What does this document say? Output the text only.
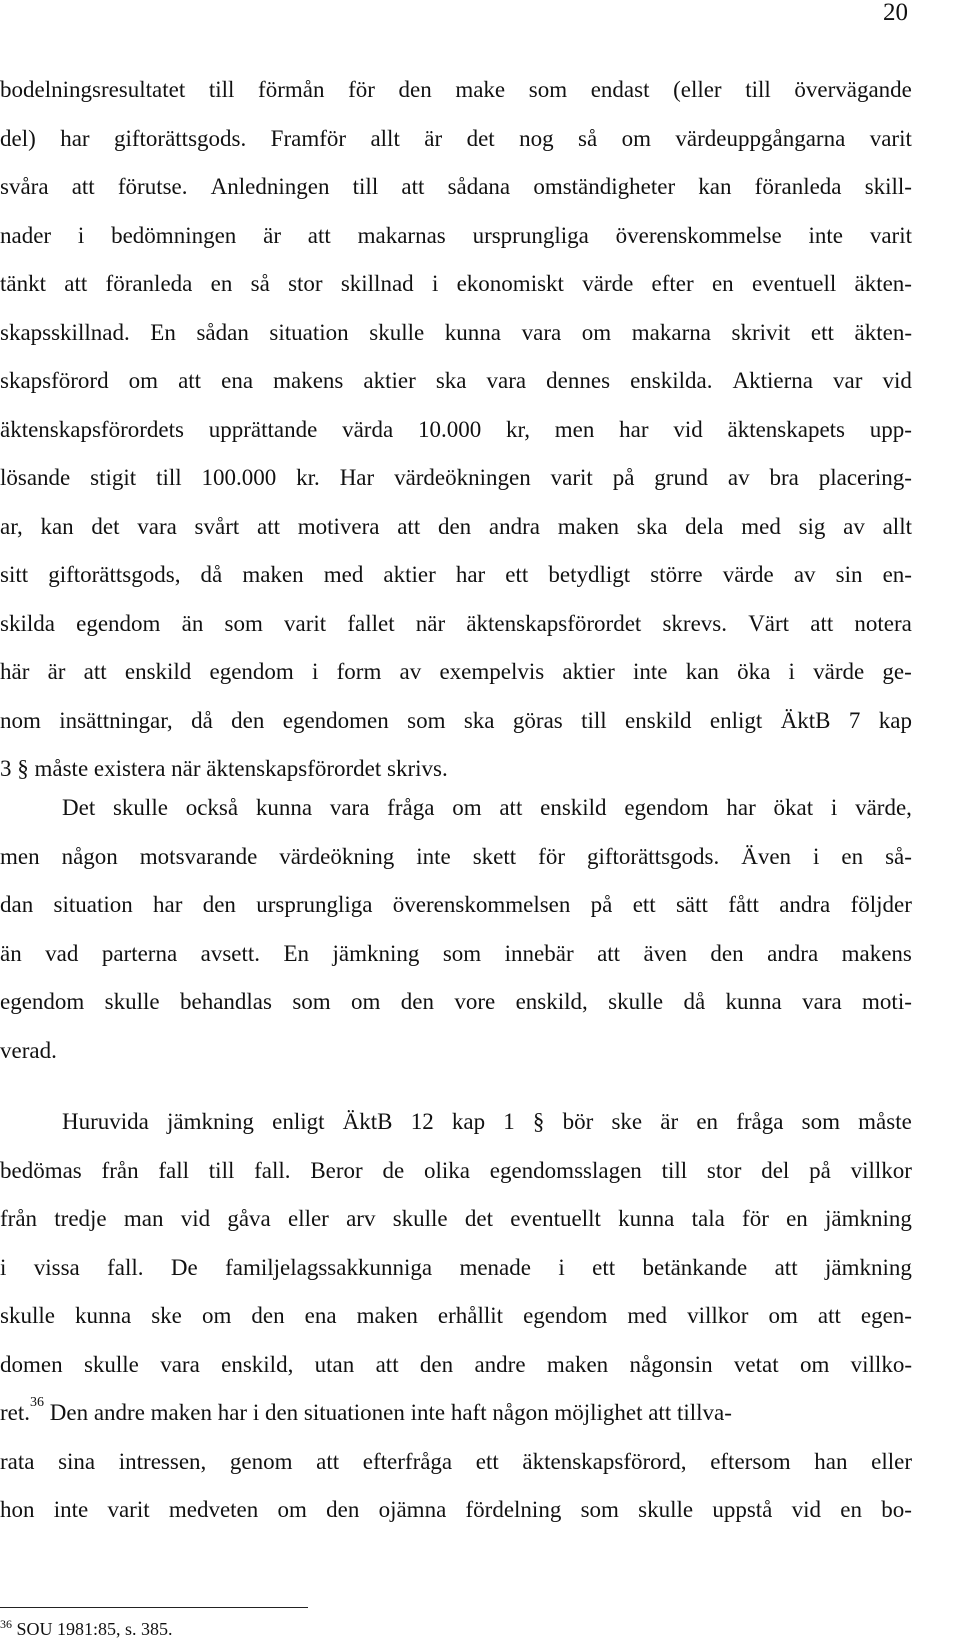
20
bodelningsresultatet till förmån för den make som endast (eller till övervägande
del) har giftorättsgods. Framför allt är det nog så om värdeuppgångarna varit
svåra att förutse. Anledningen till att sådana omständigheter kan föranleda skill-
nader i bedömningen är att makarnas ursprungliga överenskommelse inte varit
tänkt att föranleda en så stor skillnad i ekonomiskt värde efter en eventuell äkten-
skapsskillnad. En sådan situation skulle kunna vara om makarna skrivit ett äkten-
skapsförord om att ena makens aktier ska vara dennes enskilda. Aktierna var vid
äktenskapsförordets upprättande värda 10.000 kr, men har vid äktenskapets upp-
lösande stigit till 100.000 kr. Har värdeökningen varit på grund av bra placering-
ar, kan det vara svårt att motivera att den andra maken ska dela med sig av allt
sitt giftorättsgods, då maken med aktier har ett betydligt större värde av sin en-
skilda egendom än som varit fallet när äktenskapsförordet skrevs. Värt att notera
här är att enskild egendom i form av exempelvis aktier inte kan öka i värde ge-
nom insättningar, då den egendomen som ska göras till enskild enligt ÄktB 7 kap
3 § måste existera när äktenskapsförordet skrivs.
Det skulle också kunna vara fråga om att enskild egendom har ökat i värde,
men någon motsvarande värdeökning inte skett för giftorättsgods. Även i en så-
dan situation har den ursprungliga överenskommelsen på ett sätt fått andra följder
än vad parterna avsett. En jämkning som innebär att även den andra makens
egendom skulle behandlas som om den vore enskild, skulle då kunna vara moti-
verad.
Huruvida jämkning enligt ÄktB 12 kap 1 § bör ske är en fråga som måste
bedömas från fall till fall. Beror de olika egendomsslagen till stor del på villkor
från tredje man vid gåva eller arv skulle det eventuellt kunna tala för en jämkning
i vissa fall. De familjelagssakkunniga menade i ett betänkande att jämkning
skulle kunna ske om den ena maken erhållit egendom med villkor om att egen-
domen skulle vara enskild, utan att den andre maken någonsin vetat om villko-
ret. 36
Den andre maken har i den situationen inte haft någon möjlighet att tillva-
rata sina intressen, genom att efterfråga ett äktenskapsförord, eftersom han eller
hon inte varit medveten om den ojämna fördelning som skulle uppstå vid en bo-
$^{36}$ SOU 1981:85, s. 385.
